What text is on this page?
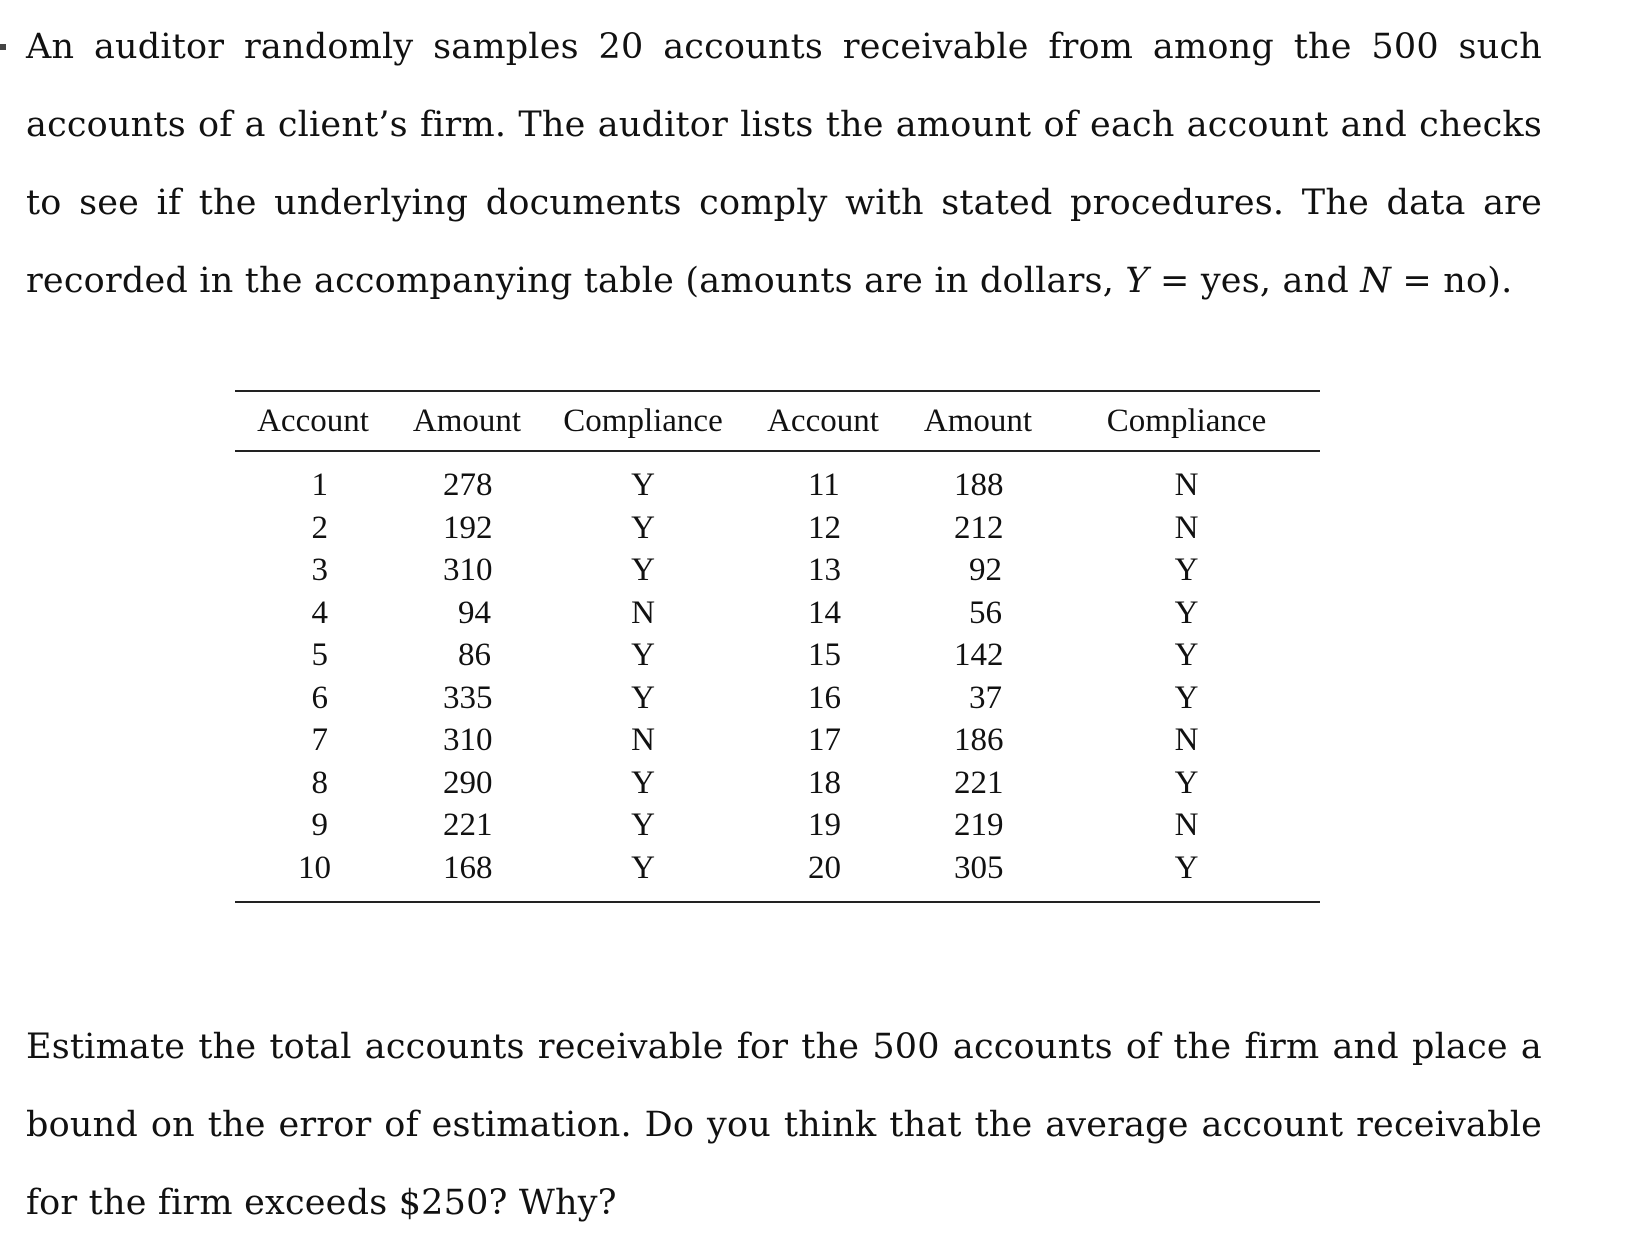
An auditor randomly samples 20 accounts receivable from among the 500 such accounts of a client’s firm. The auditor lists the amount of each account and checks to see if the underlying documents comply with stated procedures. The data are recorded in the accompanying table (amounts are in dollars, Y = yes, and N = no).

Account	Amount	Compliance	Account	Amount	Compliance
1	278	Y	11	188	N
2	192	Y	12	212	N
3	310	Y	13	92	Y
4	94	N	14	56	Y
5	86	Y	15	142	Y
6	335	Y	16	37	Y
7	310	N	17	186	N
8	290	Y	18	221	Y
9	221	Y	19	219	N
10	168	Y	20	305	Y

Estimate the total accounts receivable for the 500 accounts of the firm and place a bound on the error of estimation. Do you think that the average account receivable for the firm exceeds $250? Why?
